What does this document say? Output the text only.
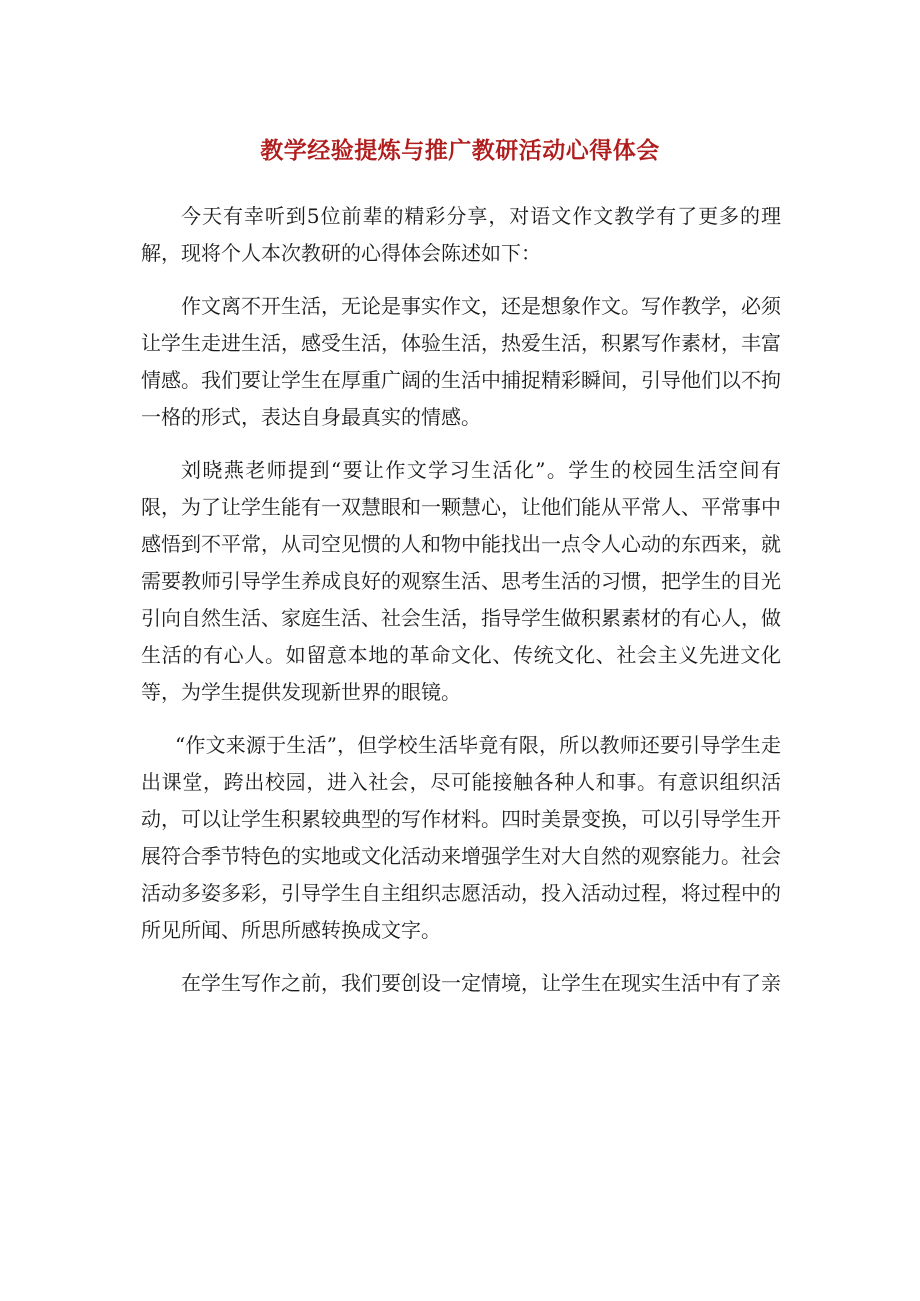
教学经验提炼与推广教研活动心得体会

今天有幸听到5位前辈的精彩分享，对语文作文教学有了更多的理解，现将个人本次教研的心得体会陈述如下：

作文离不开生活，无论是事实作文，还是想象作文。写作教学，必须让学生走进生活，感受生活，体验生活，热爱生活，积累写作素材，丰富情感。我们要让学生在厚重广阔的生活中捕捉精彩瞬间，引导他们以不拘一格的形式，表达自身最真实的情感。

刘晓燕老师提到“要让作文学习生活化”。学生的校园生活空间有限，为了让学生能有一双慧眼和一颗慧心，让他们能从平常人、平常事中感悟到不平常，从司空见惯的人和物中能找出一点令人心动的东西来，就需要教师引导学生养成良好的观察生活、思考生活的习惯，把学生的目光引向自然生活、家庭生活、社会生活，指导学生做积累素材的有心人，做生活的有心人。如留意本地的革命文化、传统文化、社会主义先进文化等，为学生提供发现新世界的眼镜。

“作文来源于生活”，但学校生活毕竟有限，所以教师还要引导学生走出课堂，跨出校园，进入社会，尽可能接触各种人和事。有意识组织活动，可以让学生积累较典型的写作材料。四时美景变换，可以引导学生开展符合季节特色的实地或文化活动来增强学生对大自然的观察能力。社会活动多姿多彩，引导学生自主组织志愿活动，投入活动过程，将过程中的所见所闻、所思所感转换成文字。

在学生写作之前，我们要创设一定情境，让学生在现实生活中有了亲
